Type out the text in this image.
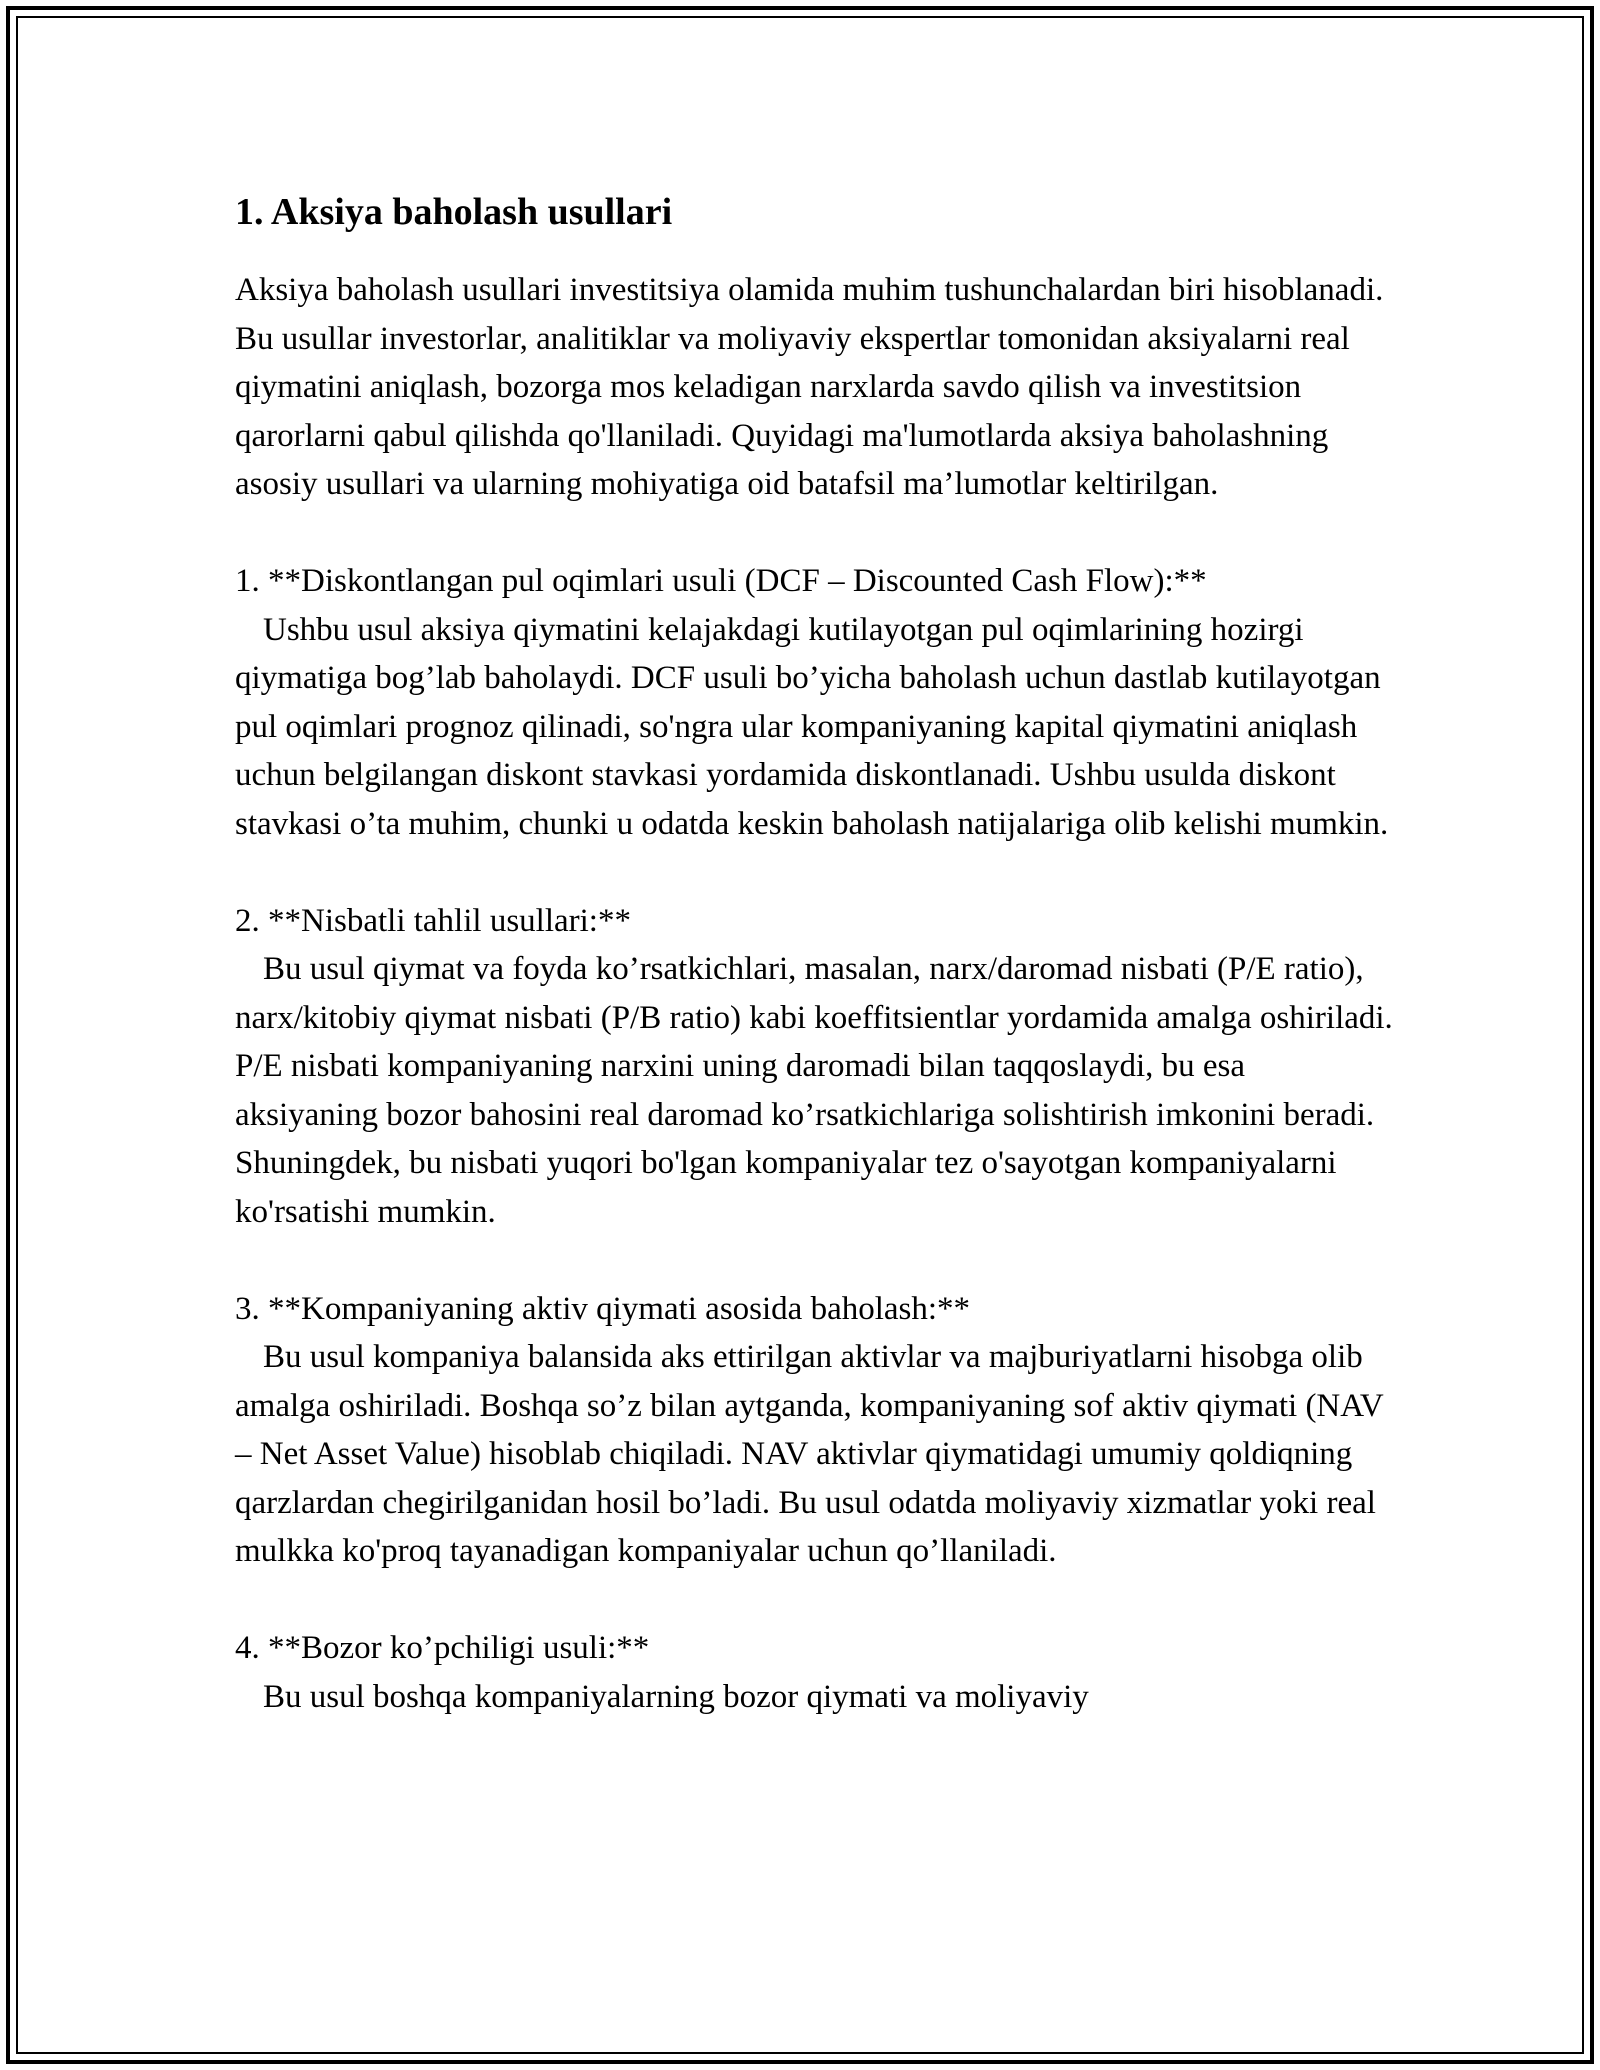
1. Aksiya baholash usullari

Aksiya baholash usullari investitsiya olamida muhim tushunchalardan biri hisoblanadi. Bu usullar investorlar, analitiklar va moliyaviy ekspertlar tomonidan aksiyalarni real qiymatini aniqlash, bozorga mos keladigan narxlarda savdo qilish va investitsion qarorlarni qabul qilishda qo'llaniladi. Quyidagi ma'lumotlarda aksiya baholashning asosiy usullari va ularning mohiyatiga oid batafsil ma’lumotlar keltirilgan.

1. **Diskontlangan pul oqimlari usuli (DCF – Discounted Cash Flow):**

Ushbu usul aksiya qiymatini kelajakdagi kutilayotgan pul oqimlarining hozirgi qiymatiga bog’lab baholaydi. DCF usuli bo’yicha baholash uchun dastlab kutilayotgan pul oqimlari prognoz qilinadi, so'ngra ular kompaniyaning kapital qiymatini aniqlash uchun belgilangan diskont stavkasi yordamida diskontlanadi. Ushbu usulda diskont stavkasi o’ta muhim, chunki u odatda keskin baholash natijalariga olib kelishi mumkin.

2. **Nisbatli tahlil usullari:**

Bu usul qiymat va foyda ko’rsatkichlari, masalan, narx/daromad nisbati (P/E ratio), narx/kitobiy qiymat nisbati (P/B ratio) kabi koeffitsientlar yordamida amalga oshiriladi. P/E nisbati kompaniyaning narxini uning daromadi bilan taqqoslaydi, bu esa aksiyaning bozor bahosini real daromad ko’rsatkichlariga solishtirish imkonini beradi. Shuningdek, bu nisbati yuqori bo'lgan kompaniyalar tez o'sayotgan kompaniyalarni ko'rsatishi mumkin.

3. **Kompaniyaning aktiv qiymati asosida baholash:**

Bu usul kompaniya balansida aks ettirilgan aktivlar va majburiyatlarni hisobga olib amalga oshiriladi. Boshqa so’z bilan aytganda, kompaniyaning sof aktiv qiymati (NAV – Net Asset Value) hisoblab chiqiladi. NAV aktivlar qiymatidagi umumiy qoldiqning qarzlardan chegirilganidan hosil bo’ladi. Bu usul odatda moliyaviy xizmatlar yoki real mulkka ko'proq tayanadigan kompaniyalar uchun qo’llaniladi.

4. **Bozor ko’pchiligi usuli:**

Bu usul boshqa kompaniyalarning bozor qiymati va moliyaviy
